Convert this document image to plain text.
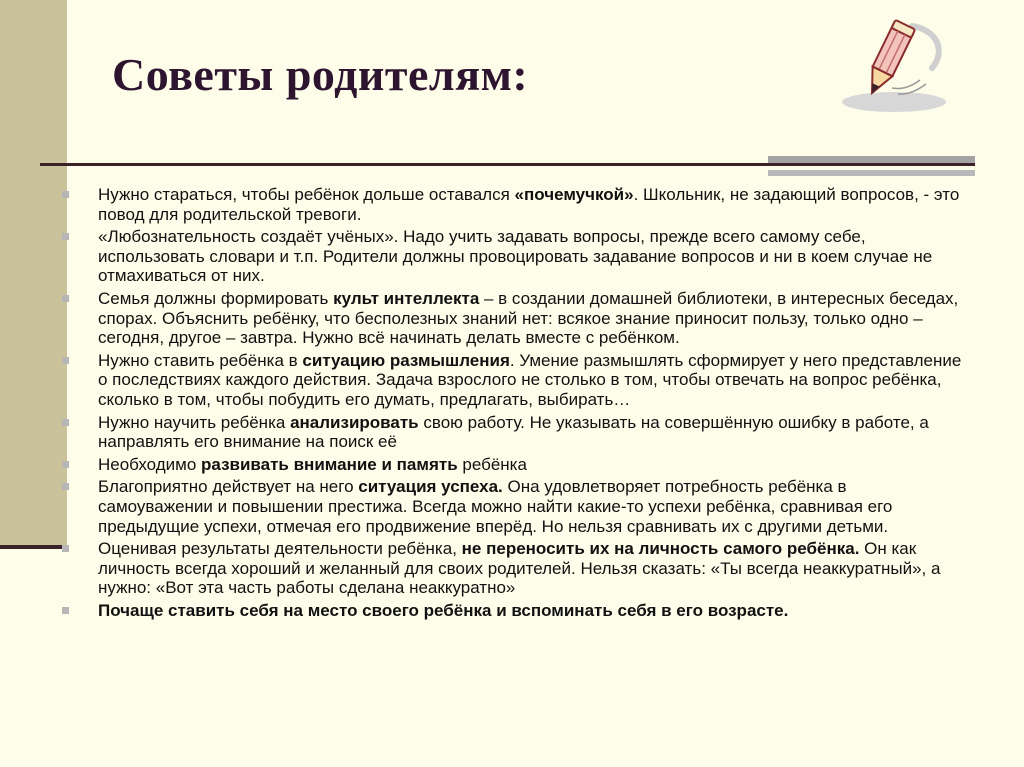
Советы родителям:
Нужно стараться, чтобы ребёнок дольше оставался «почемучкой». Школьник, не задающий вопросов, - это повод для родительской тревоги.
«Любознательность создаёт учёных». Надо учить задавать вопросы, прежде всего самому себе, использовать словари и т.п. Родители должны провоцировать задавание вопросов и ни в коем случае не отмахиваться от них.
Семья должны формировать культ интеллекта – в создании домашней библиотеки, в интересных беседах, спорах. Объяснить ребёнку, что бесполезных знаний нет: всякое знание приносит пользу, только одно – сегодня, другое – завтра. Нужно всё начинать делать вместе с ребёнком.
Нужно ставить ребёнка в ситуацию размышления. Умение размышлять сформирует у него представление о последствиях каждого действия. Задача взрослого не столько в том, чтобы отвечать на вопрос ребёнка, сколько в том, чтобы побудить его думать, предлагать, выбирать…
Нужно научить ребёнка анализировать свою работу. Не указывать на совершённую ошибку в работе, а направлять его внимание на поиск её
Необходимо развивать внимание и память ребёнка
Благоприятно действует на него ситуация успеха. Она удовлетворяет потребность ребёнка в самоуважении и повышении престижа. Всегда можно найти какие-то успехи ребёнка, сравнивая его предыдущие успехи, отмечая его продвижение вперёд. Но нельзя сравнивать их с другими детьми.
Оценивая результаты деятельности ребёнка, не переносить их на личность самого ребёнка. Он как личность всегда хороший и желанный для своих родителей. Нельзя сказать: «Ты всегда неаккуратный», а нужно: «Вот эта часть работы сделана неаккуратно»
Почаще ставить себя на место своего ребёнка и вспоминать себя в его возрасте.
